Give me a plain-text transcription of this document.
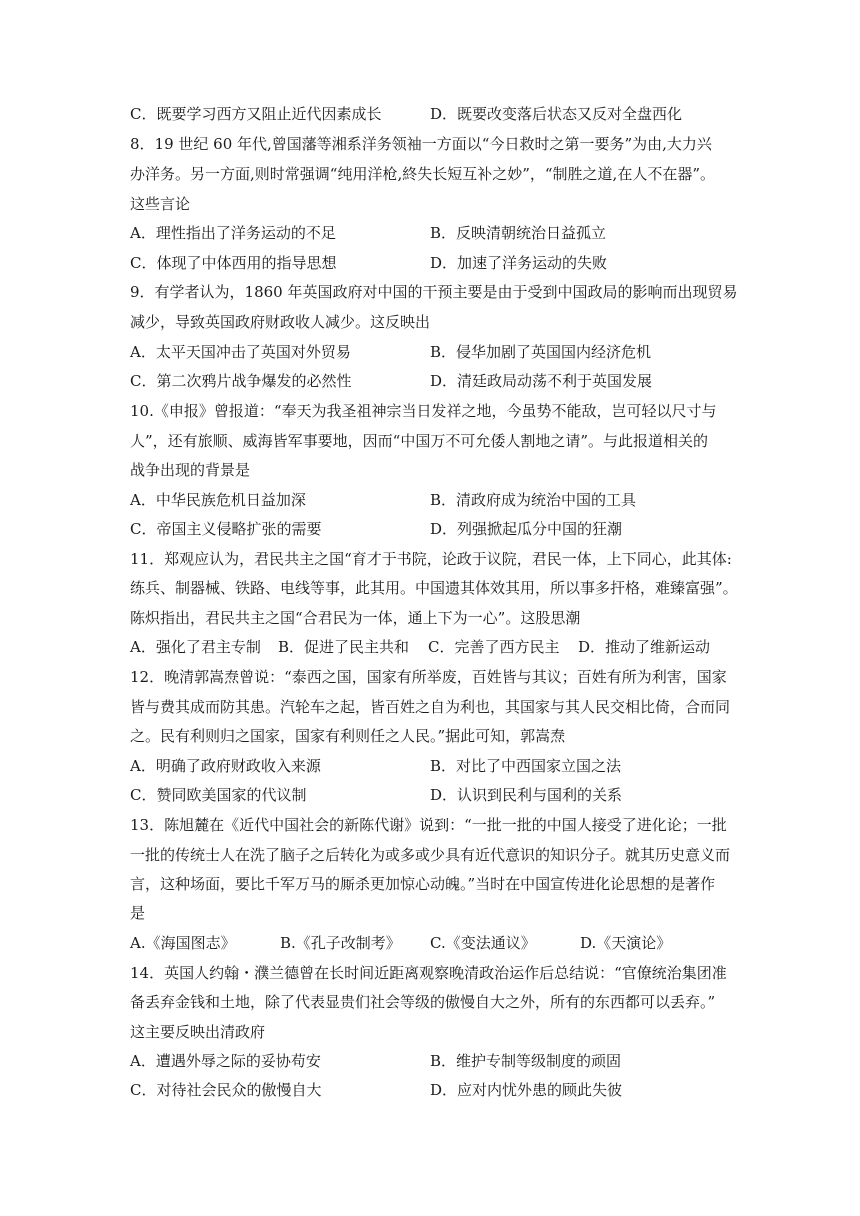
C．既要学习西方又阻止近代因素成长	D．既要改变落后状态又反对全盘西化
8．19 世纪 60 年代,曾国藩等湘系洋务领袖一方面以“今日救时之第一要务”为由,大力兴
办洋务。另一方面,则时常强调“纯用洋枪,終失长短互补之妙”，“制胜之道,在人不在器”。
这些言论
A．理性指出了洋务运动的不足	B．反映清朝统治日益孤立
C．体现了中体西用的指导思想	D．加速了洋务运动的失败
9．有学者认为，1860 年英国政府对中国的干预主要是由于受到中国政局的影响而出现贸易
减少，导致英国政府财政收人减少。这反映出
A．太平天国冲击了英国对外贸易	B．侵华加剧了英国国内经济危机
C．第二次鸦片战争爆发的必然性	D．清廷政局动荡不利于英国发展
10.《申报》曾报道：“奉天为我圣祖神宗当日发祥之地，今虽势不能敌，岂可轻以尺寸与
人”，还有旅顺、威海皆军事要地，因而“中国万不可允倭人割地之请”。与此报道相关的
战争出现的背景是
A．中华民族危机日益加深	B．清政府成为统治中国的工具
C．帝国主义侵略扩张的需要	D．列强掀起瓜分中国的狂潮
11．郑观应认为，君民共主之国“育才于书院，论政于议院，君民一体，上下同心，此其体:
练兵、制器械、铁路、电线等事，此其用。中国遗其体效其用，所以事多扞格，难臻富强”。
陈炽指出，君民共主之国“合君民为一体，通上下为一心”。这股思潮
A．强化了君主专制 B．促进了民主共和 C．完善了西方民主 D．推动了维新运动
12．晚清郭嵩焘曾说：“泰西之国，国家有所举废，百姓皆与其议；百姓有所为利害，国家
皆与费其成而防其患。汽轮车之起，皆百姓之自为利也，其国家与其人民交相比倚，合而同
之。民有利则归之国家，国家有利则任之人民。”据此可知，郭嵩焘
A．明确了政府财政收入来源	B．对比了中西国家立国之法
C．赞同欧美国家的代议制	D．认识到民利与国利的关系
13．陈旭麓在《近代中国社会的新陈代谢》说到：“一批一批的中国人接受了进化论；一批
一批的传统士人在洗了脑子之后转化为或多或少具有近代意识的知识分子。就其历史意义而
言，这种场面，要比千军万马的厮杀更加惊心动魄。”当时在中国宣传进化论思想的是著作
是
A.《海国图志》	B.《孔子改制考》 C.《变法通议》	D.《天演论》
14．英国人约翰・濮兰德曾在长时间近距离观察晚清政治运作后总结说：“官僚统治集团准
备丢弃金钱和土地，除了代表显贵们社会等级的傲慢自大之外，所有的东西都可以丢弃。”
这主要反映出清政府
A．遭遇外辱之际的妥协苟安	B．维护专制等级制度的顽固
C．对待社会民众的傲慢自大	D．应对内忧外患的顾此失彼
